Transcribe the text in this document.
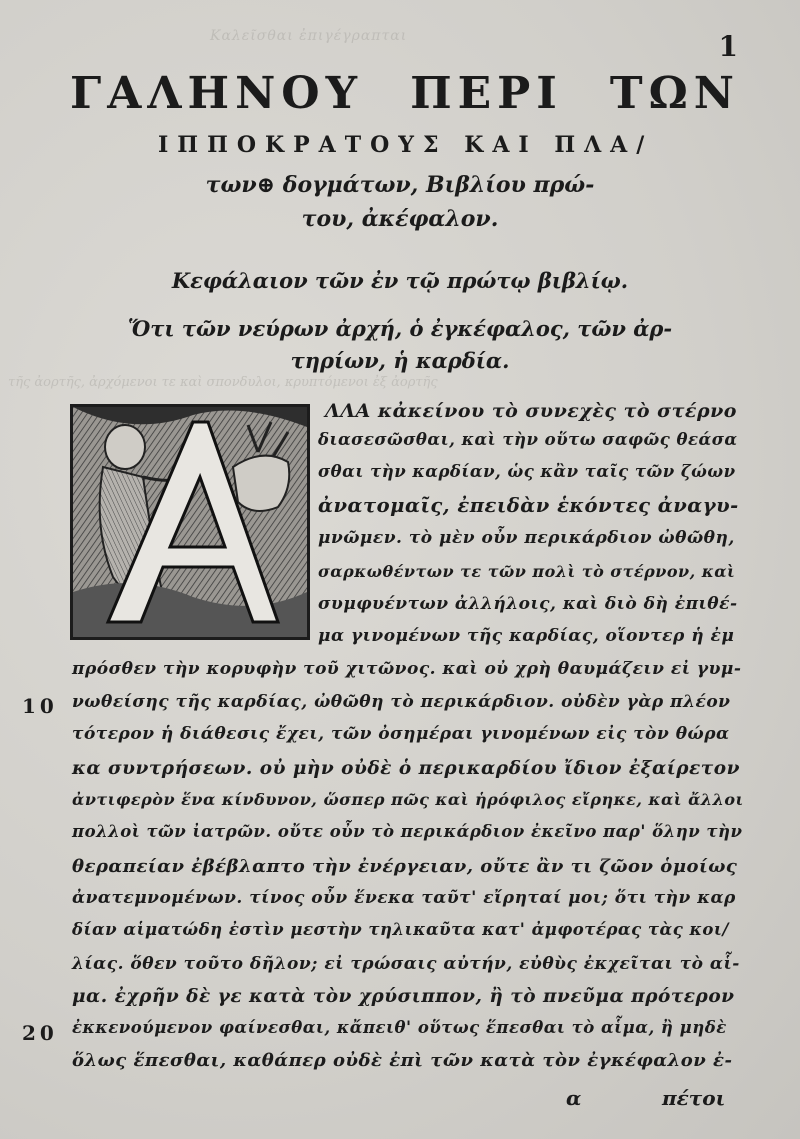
Καλεῖσθαι ἐπιγέγραπται
τῆς ἀορτῆς, ἀρχόμενοι τε καὶ σπονδυλοι, κρυπτόμενοι ἐξ ἀορτῆς
1
ΓΑΛΗΝΟΥ ΠΕΡΙ ΤΩΝ
ΙΠΠΟΚΡΑΤΟΥΣ ΚΑΙ ΠΛΑ/
των⊕ δογμάτων, Βιβλίου πρώ-
του, ἀκέφαλον.
Κεφάλαιον τῶν ἐν τῷ πρώτῳ βιβλίῳ.
Ὅτι τῶν νεύρων ἀρχή, ὁ ἐγκέφαλος, τῶν ἀρ-
τηρίων, ἡ καρδία.
ΛΛΑ κἀκείνου τὸ συνεχὲς τὸ στέρνο
διασεσῶσθαι, καὶ τὴν οὕτω σαφῶς θεάσα
σθαι τὴν καρδίαν, ὡς κἂν ταῖς τῶν ζώων
ἀνατομαῖς, ἐπειδὰν ἑκόντες ἀναγυ-
μνῶμεν. τὸ μὲν οὖν περικάρδιον ὠθῶθη,
σαρκωθέντων τε τῶν πολὶ τὸ στέρνον, καὶ
συμφυέντων ἀλλήλοις, καὶ διὸ δὴ ἐπιθέ-
μα γινομένων τῆς καρδίας, οἵοντερ ἡ ἐμ
πρόσθεν τὴν κορυφὴν τοῦ χιτῶνος. καὶ οὐ χρὴ θαυμάζειν εἰ γυμ-
10 νωθείσης τῆς καρδίας, ὠθῶθη τὸ περικάρδιον. οὐδὲν γὰρ πλέον
τότερον ἡ διάθεσις ἔχει, τῶν ὀσημέραι γινομένων εἰς τὸν θώρα
κα συντρήσεων. οὐ μὴν οὐδὲ ὁ περικαρδίου ἴδιον ἐξαίρετον
ἀντιφερὸν ἕνα κίνδυνον, ὥσπερ πῶς καὶ ἡρόφιλος εἴρηκε, καὶ ἄλλοι
πολλοὶ τῶν ἰατρῶν. οὔτε οὖν τὸ περικάρδιον ἐκεῖνο παρ' ὅλην τὴν
θεραπείαν ἐβέβλαπτο τὴν ἐνέργειαν, οὔτε ἂν τι ζῶον ὁμοίως
ἀνατεμνομένων. τίνος οὖν ἕνεκα ταῦτ' εἴρηταί μοι; ὅτι τὴν καρ
δίαν αἱματώδη ἐστὶν μεστὴν τηλικαῦτα κατ' ἀμφοτέρας τὰς κοι/
λίας. ὅθεν τοῦτο δῆλον; εἰ τρώσαις αὐτήν, εὐθὺς ἐκχεῖται τὸ αἷ-
μα. ἐχρῆν δὲ γε κατὰ τὸν χρύσιππον, ἢ τὸ πνεῦμα πρότερον
20 ἐκκενούμενον φαίνεσθαι, κἄπειθ' οὕτως ἕπεσθαι τὸ αἷμα, ἢ μηδὲ
ὅλως ἕπεσθαι, καθάπερ οὐδὲ ἐπὶ τῶν κατὰ τὸν ἐγκέφαλον ἐ-
α	πέτοι
